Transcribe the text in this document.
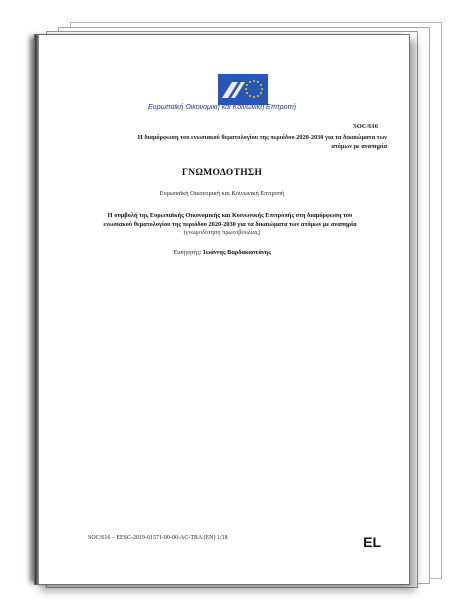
Ευρωπαϊκή Οικονομική και Κοινωνική Επιτροπή
SOC/616
Η διαμόρφωση του ενωσιακού θεματολογίου της περιόδου 2020-2030 για τα δικαιώματα των
ατόμων με αναπηρία
ΓΝΩΜΟΔΟΤΗΣΗ
Ευρωπαϊκή Οικονομική και Κοινωνική Επιτροπή
Η συμβολή της Ευρωπαϊκής Οικονομικής και Κοινωνικής Επιτροπής στη διαμόρφωση του
ενωσιακού θεματολογίου της περιόδου 2020-2030 για τα δικαιώματα των ατόμων με αναπηρία
(γνωμοδότηση πρωτοβουλίας)
Εισηγητής: Ιωάννης Βαρδακαστάνης
SOC/616 – EESC-2019-01571-00-00-AC-TRA (EN) 1/18	EL
